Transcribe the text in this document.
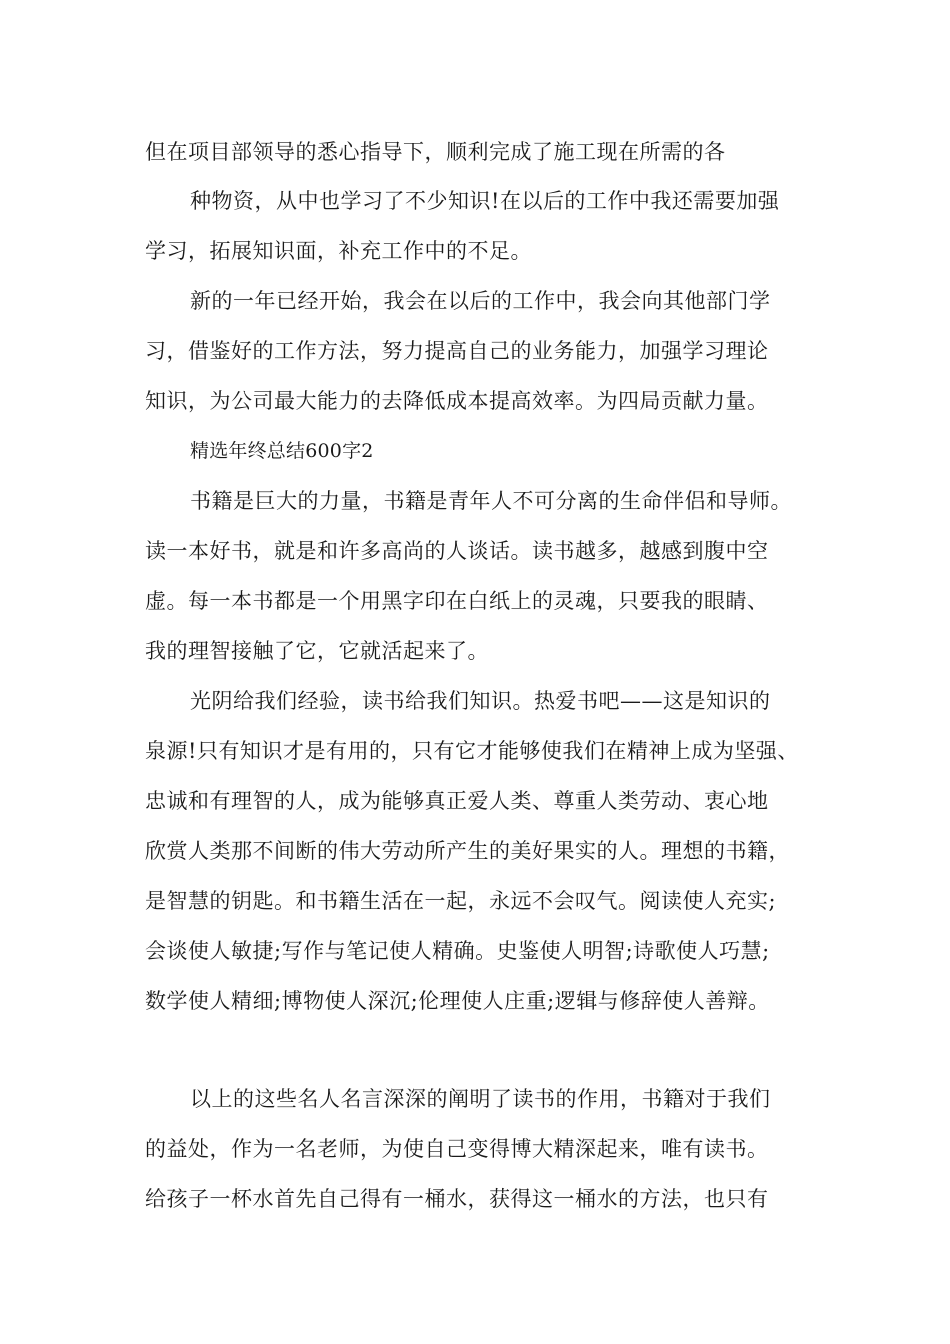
但在项目部领导的悉心指导下，顺利完成了施工现在所需的各

种物资，从中也学习了不少知识!在以后的工作中我还需要加强

学习，拓展知识面，补充工作中的不足。

新的一年已经开始，我会在以后的工作中，我会向其他部门学

习，借鉴好的工作方法，努力提高自己的业务能力，加强学习理论

知识，为公司最大能力的去降低成本提高效率。为四局贡献力量。

精选年终总结600字2

书籍是巨大的力量，书籍是青年人不可分离的生命伴侣和导师。

读一本好书，就是和许多高尚的人谈话。读书越多，越感到腹中空

虚。每一本书都是一个用黑字印在白纸上的灵魂，只要我的眼睛、

我的理智接触了它，它就活起来了。

光阴给我们经验，读书给我们知识。热爱书吧——这是知识的

泉源!只有知识才是有用的，只有它才能够使我们在精神上成为坚强、

忠诚和有理智的人，成为能够真正爱人类、尊重人类劳动、衷心地

欣赏人类那不间断的伟大劳动所产生的美好果实的人。理想的书籍，

是智慧的钥匙。和书籍生活在一起，永远不会叹气。阅读使人充实;

会谈使人敏捷;写作与笔记使人精确。史鉴使人明智;诗歌使人巧慧;

数学使人精细;博物使人深沉;伦理使人庄重;逻辑与修辞使人善辩。

以上的这些名人名言深深的阐明了读书的作用，书籍对于我们

的益处，作为一名老师，为使自己变得博大精深起来，唯有读书。

给孩子一杯水首先自己得有一桶水，获得这一桶水的方法，也只有
